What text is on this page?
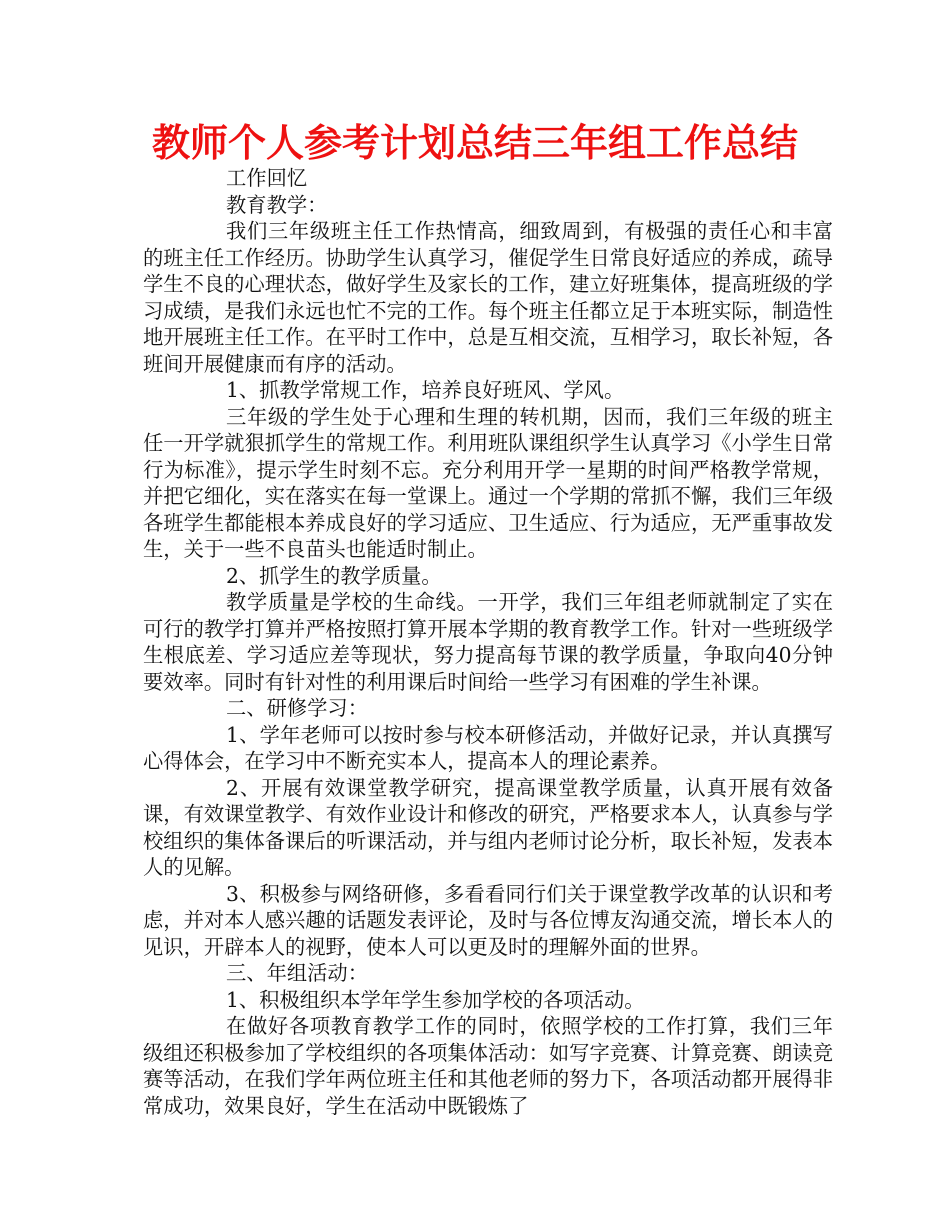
教师个人参考计划总结三年组工作总结

工作回忆

教育教学：

我们三年级班主任工作热情高，细致周到，有极强的责任心和丰富的班主任工作经历。协助学生认真学习，催促学生日常良好适应的养成，疏导学生不良的心理状态，做好学生及家长的工作，建立好班集体，提高班级的学习成绩，是我们永远也忙不完的工作。每个班主任都立足于本班实际，制造性地开展班主任工作。在平时工作中，总是互相交流，互相学习，取长补短，各班间开展健康而有序的活动。

1、抓教学常规工作，培养良好班风、学风。

三年级的学生处于心理和生理的转机期，因而，我们三年级的班主任一开学就狠抓学生的常规工作。利用班队课组织学生认真学习《小学生日常行为标准》，提示学生时刻不忘。充分利用开学一星期的时间严格教学常规，并把它细化，实在落实在每一堂课上。通过一个学期的常抓不懈，我们三年级各班学生都能根本养成良好的学习适应、卫生适应、行为适应，无严重事故发生，关于一些不良苗头也能适时制止。

2、抓学生的教学质量。

教学质量是学校的生命线。一开学，我们三年组老师就制定了实在可行的教学打算并严格按照打算开展本学期的教育教学工作。针对一些班级学生根底差、学习适应差等现状，努力提高每节课的教学质量，争取向40分钟要效率。同时有针对性的利用课后时间给一些学习有困难的学生补课。

二、研修学习：

1、学年老师可以按时参与校本研修活动，并做好记录，并认真撰写心得体会，在学习中不断充实本人，提高本人的理论素养。

2、开展有效课堂教学研究，提高课堂教学质量，认真开展有效备课，有效课堂教学、有效作业设计和修改的研究，严格要求本人，认真参与学校组织的集体备课后的听课活动，并与组内老师讨论分析，取长补短，发表本人的见解。

3、积极参与网络研修，多看看同行们关于课堂教学改革的认识和考虑，并对本人感兴趣的话题发表评论，及时与各位博友沟通交流，增长本人的见识，开辟本人的视野，使本人可以更及时的理解外面的世界。

三、年组活动：

1、积极组织本学年学生参加学校的各项活动。

在做好各项教育教学工作的同时，依照学校的工作打算，我们三年级组还积极参加了学校组织的各项集体活动：如写字竞赛、计算竞赛、朗读竞赛等活动，在我们学年两位班主任和其他老师的努力下，各项活动都开展得非常成功，效果良好，学生在活动中既锻炼了
